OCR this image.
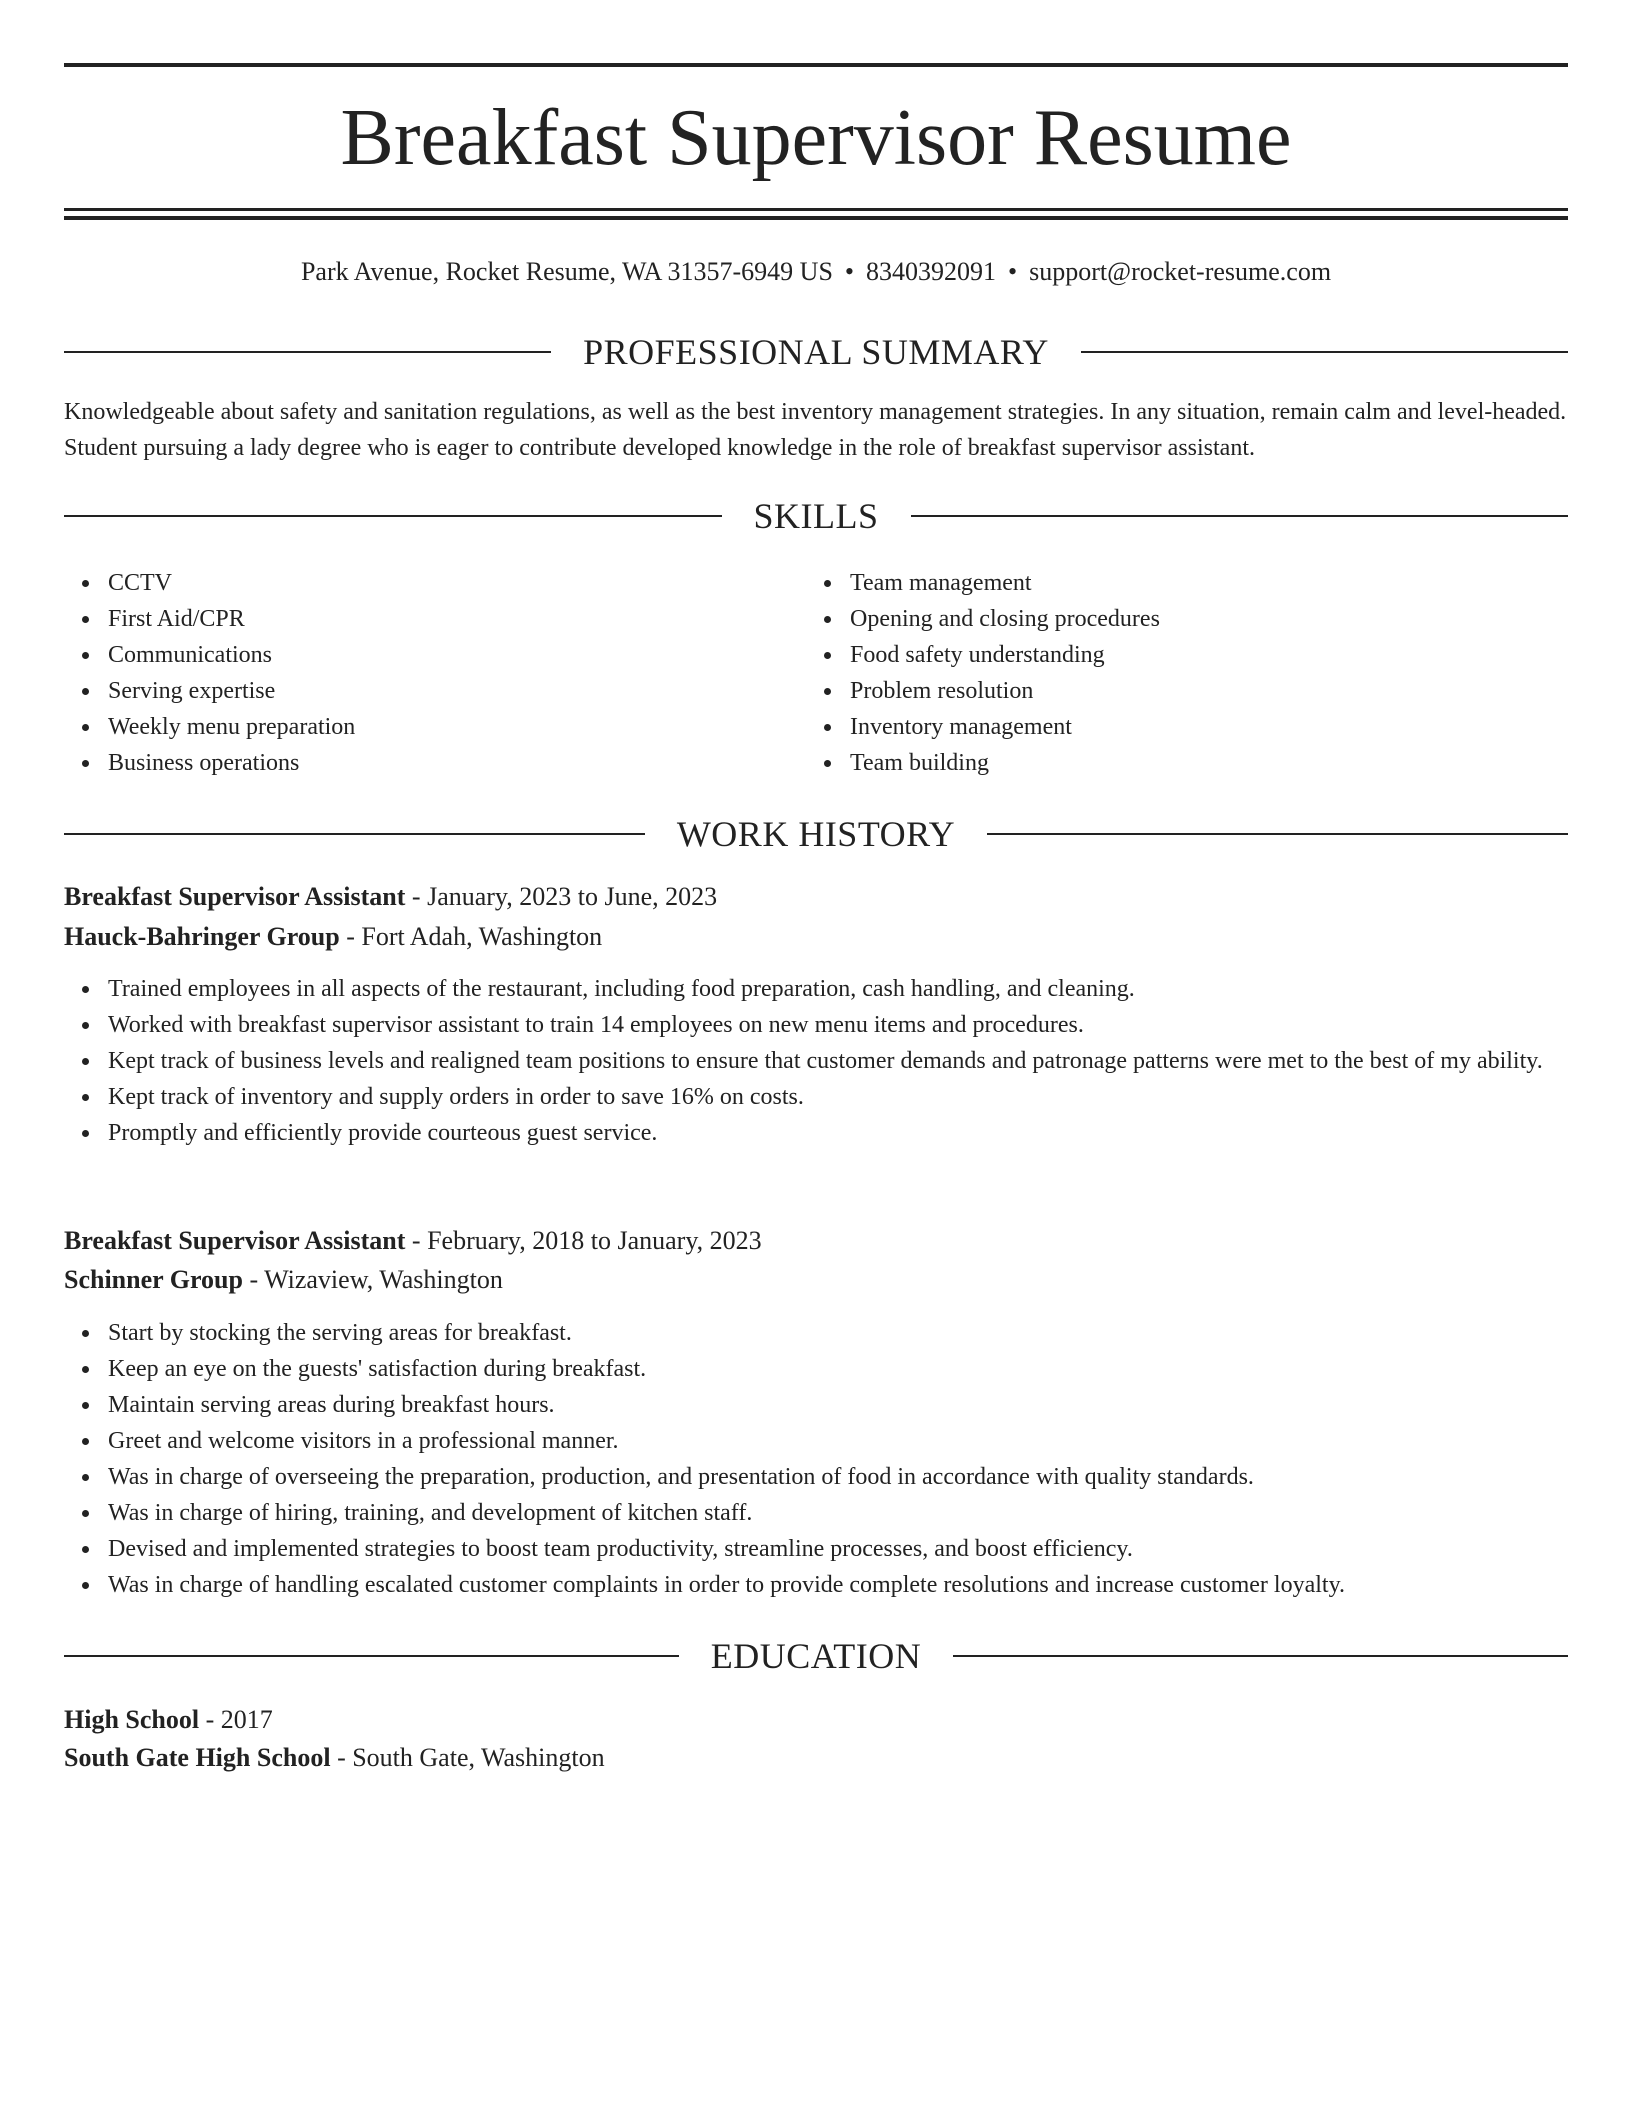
Breakfast Supervisor Resume
Park Avenue, Rocket Resume, WA 31357-6949 US • 8340392091 • support@rocket-resume.com
PROFESSIONAL SUMMARY

Knowledgeable about safety and sanitation regulations, as well as the best inventory management strategies. In any situation, remain calm and level-headed. Student pursuing a lady degree who is eager to contribute developed knowledge in the role of breakfast supervisor assistant.

SKILLS
CCTV
First Aid/CPR
Communications
Serving expertise
Weekly menu preparation
Business operations
Team management
Opening and closing procedures
Food safety understanding
Problem resolution
Inventory management
Team building
WORK HISTORY
Breakfast Supervisor Assistant - January, 2023 to June, 2023
Hauck-Bahringer Group - Fort Adah, Washington
Trained employees in all aspects of the restaurant, including food preparation, cash handling, and cleaning.
Worked with breakfast supervisor assistant to train 14 employees on new menu items and procedures.
Kept track of business levels and realigned team positions to ensure that customer demands and patronage patterns were met to the best of my ability.
Kept track of inventory and supply orders in order to save 16% on costs.
Promptly and efficiently provide courteous guest service.
Breakfast Supervisor Assistant - February, 2018 to January, 2023
Schinner Group - Wizaview, Washington
Start by stocking the serving areas for breakfast.
Keep an eye on the guests' satisfaction during breakfast.
Maintain serving areas during breakfast hours.
Greet and welcome visitors in a professional manner.
Was in charge of overseeing the preparation, production, and presentation of food in accordance with quality standards.
Was in charge of hiring, training, and development of kitchen staff.
Devised and implemented strategies to boost team productivity, streamline processes, and boost efficiency.
Was in charge of handling escalated customer complaints in order to provide complete resolutions and increase customer loyalty.
EDUCATION
High School - 2017
South Gate High School - South Gate, Washington
